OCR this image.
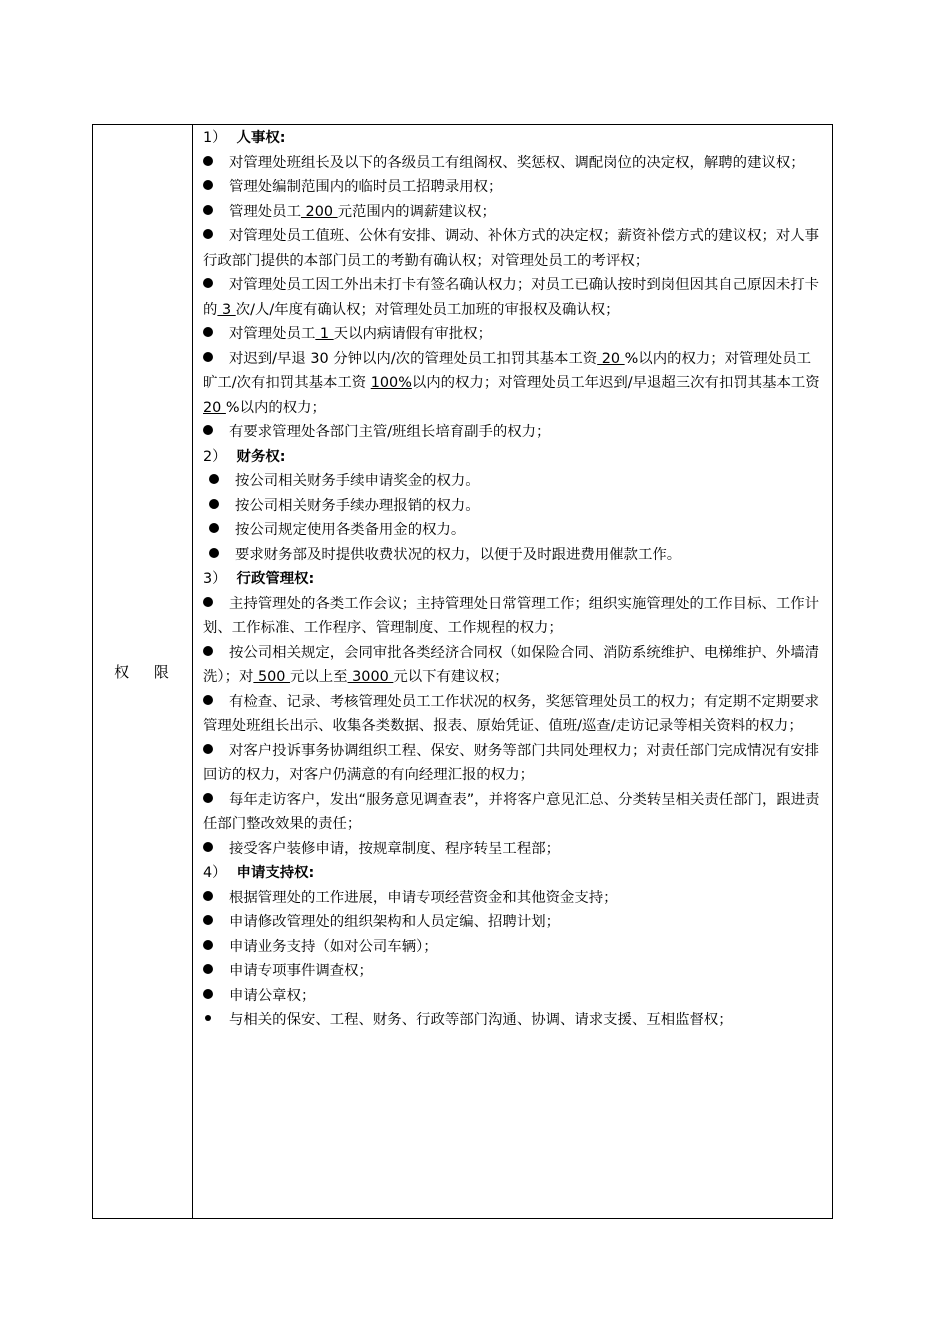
权 限
1） 人事权:
对管理处班组长及以下的各级员工有组阁权、奖惩权、调配岗位的决定权，解聘的建议权；
管理处编制范围内的临时员工招聘录用权；
管理处员工 200 元范围内的调薪建议权；
对管理处员工值班、公休有安排、调动、补休方式的决定权；薪资补偿方式的建议权；对人事行政部门提供的本部门员工的考勤有确认权；对管理处员工的考评权；
对管理处员工因工外出未打卡有签名确认权力；对员工已确认按时到岗但因其自己原因未打卡的 3 次/人/年度有确认权；对管理处员工加班的审报权及确认权；
对管理处员工 1 天以内病请假有审批权；
对迟到/早退 30 分钟以内/次的管理处员工扣罚其基本工资 20 %以内的权力；对管理处员工旷工/次有扣罚其基本工资 100%以内的权力；对管理处员工年迟到/早退超三次有扣罚其基本工资 20 %以内的权力；
有要求管理处各部门主管/班组长培育副手的权力；
2） 财务权:
按公司相关财务手续申请奖金的权力。
按公司相关财务手续办理报销的权力。
按公司规定使用各类备用金的权力。
要求财务部及时提供收费状况的权力，以便于及时跟进费用催款工作。
3） 行政管理权:
主持管理处的各类工作会议；主持管理处日常管理工作；组织实施管理处的工作目标、工作计划、工作标准、工作程序、管理制度、工作规程的权力；
按公司相关规定，会同审批各类经济合同权（如保险合同、消防系统维护、电梯维护、外墙清洗）；对 500 元以上至 3000 元以下有建议权；
有检查、记录、考核管理处员工工作状况的权务，奖惩管理处员工的权力；有定期不定期要求管理处班组长出示、收集各类数据、报表、原始凭证、值班/巡查/走访记录等相关资料的权力；
对客户投诉事务协调组织工程、保安、财务等部门共同处理权力；对责任部门完成情况有安排回访的权力，对客户仍满意的有向经理汇报的权力；
每年走访客户，发出“服务意见调查表”，并将客户意见汇总、分类转呈相关责任部门，跟进责任部门整改效果的责任；
接受客户装修申请，按规章制度、程序转呈工程部；
4） 申请支持权:
根据管理处的工作进展，申请专项经营资金和其他资金支持；
申请修改管理处的组织架构和人员定编、招聘计划；
申请业务支持（如对公司车辆）；
申请专项事件调查权；
申请公章权；
与相关的保安、工程、财务、行政等部门沟通、协调、请求支援、互相监督权；
